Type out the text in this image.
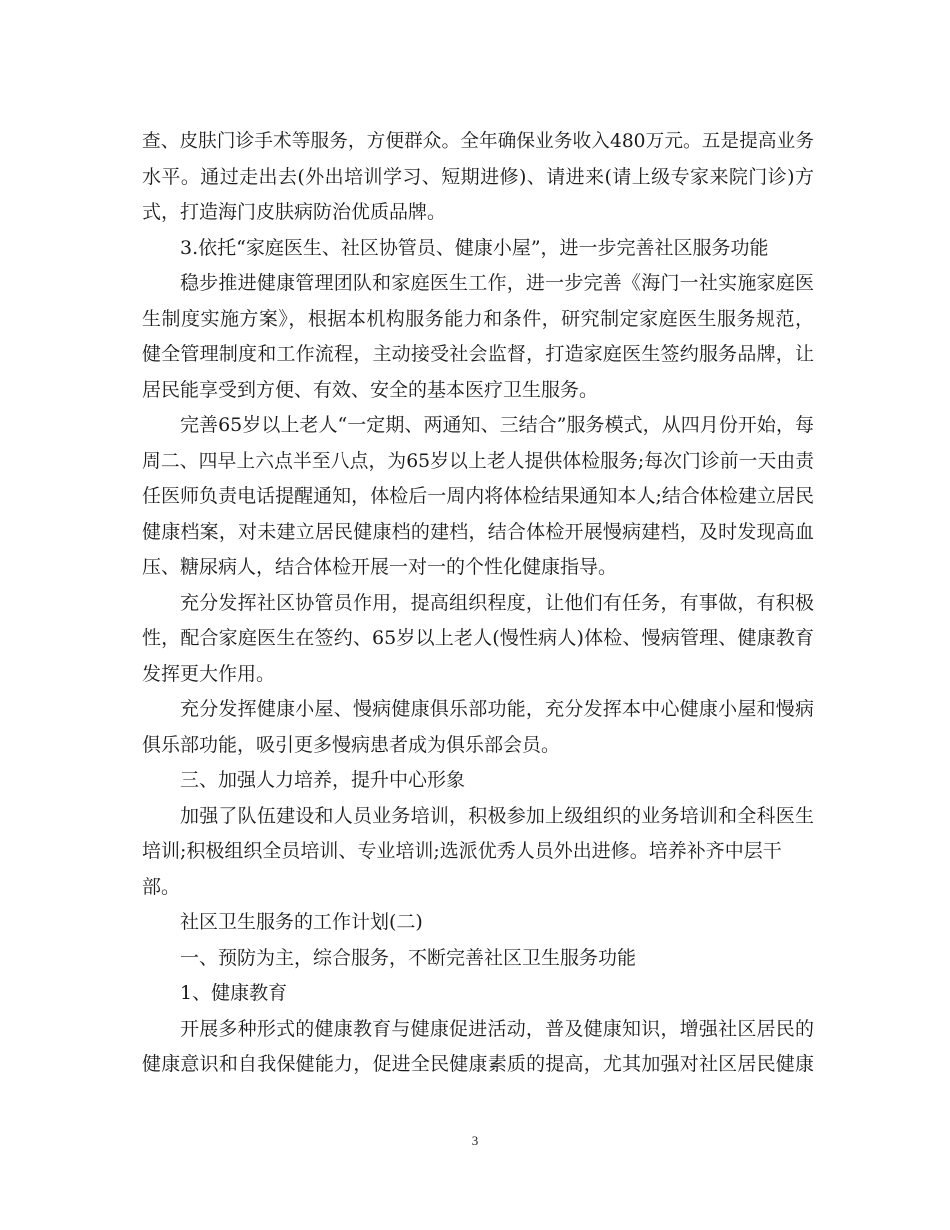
查、皮肤门诊手术等服务，方便群众。全年确保业务收入480万元。五是提高业务
水平。通过走出去(外出培训学习、短期进修)、请进来(请上级专家来院门诊)方
式，打造海门皮肤病防治优质品牌。
3.依托“家庭医生、社区协管员、健康小屋”，进一步完善社区服务功能
稳步推进健康管理团队和家庭医生工作，进一步完善《海门一社实施家庭医
生制度实施方案》，根据本机构服务能力和条件，研究制定家庭医生服务规范，
健全管理制度和工作流程，主动接受社会监督，打造家庭医生签约服务品牌，让
居民能享受到方便、有效、安全的基本医疗卫生服务。
完善65岁以上老人“一定期、两通知、三结合”服务模式，从四月份开始，每
周二、四早上六点半至八点，为65岁以上老人提供体检服务;每次门诊前一天由责
任医师负责电话提醒通知，体检后一周内将体检结果通知本人;结合体检建立居民
健康档案，对未建立居民健康档的建档，结合体检开展慢病建档，及时发现高血
压、糖尿病人，结合体检开展一对一的个性化健康指导。
充分发挥社区协管员作用，提高组织程度，让他们有任务，有事做，有积极
性，配合家庭医生在签约、65岁以上老人(慢性病人)体检、慢病管理、健康教育
发挥更大作用。
充分发挥健康小屋、慢病健康俱乐部功能，充分发挥本中心健康小屋和慢病
俱乐部功能，吸引更多慢病患者成为俱乐部会员。
三、加强人力培养，提升中心形象
加强了队伍建设和人员业务培训，积极参加上级组织的业务培训和全科医生
培训;积极组织全员培训、专业培训;选派优秀人员外出进修。培养补齐中层干
部。
社区卫生服务的工作计划(二)
一、预防为主，综合服务，不断完善社区卫生服务功能
1、健康教育
开展多种形式的健康教育与健康促进活动，普及健康知识，增强社区居民的
健康意识和自我保健能力，促进全民健康素质的提高，尤其加强对社区居民健康
3
